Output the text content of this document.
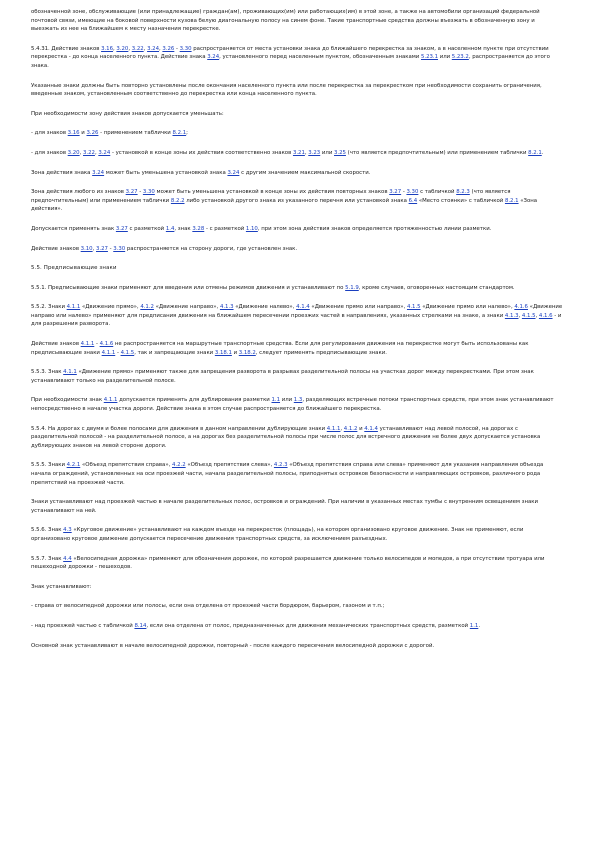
обозначенной зоне, обслуживающие (или принадлежащие) граждан(ам), проживающих(им) или работающих(им) в этой зоне, а также на автомобили организаций федеральной почтовой связи, имеющие на боковой поверхности кузова белую диагональную полосу на синем фоне. Такие транспортные средства должны въезжать в обозначенную зону и выезжать из нее на ближайшем к месту назначения перекрестке.

5.4.31. Действие знаков 3.16, 3.20, 3.22, 3.24, 3.26 - 3.30 распространяется от места установки знака до ближайшего перекрестка за знаком, а в населенном пункте при отсутствии перекрестка - до конца населенного пункта. Действие знака 3.24, установленного перед населенным пунктом, обозначенным знаками 5.23.1 или 5.23.2, распространяется до этого знака.

Указанные знаки должны быть повторно установлены после окончания населенного пункта или после перекрестка за перекрестком при необходимости сохранить ограничения, введенные знаком, установленным соответственно до перекрестка или конца населенного пункта.

При необходимости зону действия знаков допускается уменьшать:

- для знаков 3.16 и 3.26 - применением таблички 8.2.1;

- для знаков 3.20, 3.22, 3.24 - установкой в конце зоны их действия соответственно знаков 3.21, 3.23 или 3.25 (что является предпочтительным) или применением таблички 8.2.1.

Зона действия знака 3.24 может быть уменьшена установкой знака 3.24 с другим значением максимальной скорости.

Зона действия любого из знаков 3.27 - 3.30 может быть уменьшена установкой в конце зоны их действия повторных знаков 3.27 - 3.30 с табличкой 8.2.3 (что является предпочтительным) или применением таблички 8.2.2 либо установкой другого знака из указанного перечня или установкой знака 6.4 «Место стоянки» с табличкой 8.2.1 «Зона действия».

Допускается применять знак 3.27 с разметкой 1.4, знак 3.28 - с разметкой 1.10, при этом зона действия знаков определяется протяженностью линии разметки.

Действие знаков 3.10, 3.27 - 3.30 распространяется на сторону дороги, где установлен знак.

5.5. Предписывающие знаки

5.5.1. Предписывающие знаки применяют для введения или отмены режимов движения и устанавливают по 5.1.9, кроме случаев, оговоренных настоящим стандартом.

5.5.2. Знаки 4.1.1 «Движение прямо», 4.1.2 «Движение направо», 4.1.3 «Движение налево», 4.1.4 «Движение прямо или направо», 4.1.5 «Движение прямо или налево», 4.1.6 «Движение направо или налево» применяют для предписания движения на ближайшем пересечении проезжих частей в направлениях, указанных стрелками на знаке, а знаки 4.1.3, 4.1.5, 4.1.6 - и для разрешения разворота.

Действие знаков 4.1.1 - 4.1.6 не распространяется на маршрутные транспортные средства. Если для регулирования движения на перекрестке могут быть использованы как предписывающие знаки 4.1.1 - 4.1.5, так и запрещающие знаки 3.18.1 и 3.18.2, следует применять предписывающие знаки.

5.5.3. Знак 4.1.1 «Движение прямо» применяют также для запрещения разворота в разрывах разделительной полосы на участках дорог между перекрестками. При этом знак устанавливают только на разделительной полосе.

При необходимости знак 4.1.1 допускается применять для дублирования разметки 1.1 или 1.3, разделяющих встречные потоки транспортных средств, при этом знак устанавливают непосредственно в начале участка дороги. Действие знака в этом случае распространяется до ближайшего перекрестка.

5.5.4. На дорогах с двумя и более полосами для движения в данном направлении дублирующие знаки 4.1.1, 4.1.2 и 4.1.4 устанавливают над левой полосой, на дорогах с разделительной полосой - на разделительной полосе, а на дорогах без разделительной полосы при числе полос для встречного движения не более двух допускается установка дублирующих знаков на левой стороне дороги.

5.5.5. Знаки 4.2.1 «Объезд препятствия справа», 4.2.2 «Объезд препятствия слева», 4.2.3 «Объезд препятствия справа или слева» применяют для указания направления объезда начала ограждений, установленных на оси проезжей части, начала разделительной полосы, приподнятых островков безопасности и направляющих островков, различного рода препятствий на проезжей части.

Знаки устанавливают над проезжей частью в начале разделительных полос, островков и ограждений. При наличии в указанных местах тумбы с внутренним освещением знаки устанавливают на ней.

5.5.6. Знак 4.3 «Круговое движение» устанавливают на каждом въезде на перекресток (площадь), на котором организовано круговое движение. Знак не применяют, если организовано круговое движение допускается пересечение движения транспортных средств, за исключением разъездных.

5.5.7. Знак 4.4 «Велосипедная дорожка» применяют для обозначения дорожек, по которой разрешается движение только велосипедов и мопедов, а при отсутствии тротуара или пешеходной дорожки - пешеходов.

Знак устанавливают:

- справа от велосипедной дорожки или полосы, если она отделена от проезжей части бордюром, барьером, газоном и т.п.;

- над проезжей частью с табличкой 8.14, если она отделена от полос, предназначенных для движения механических транспортных средств, разметкой 1.1.

Основной знак устанавливают в начале велосипедной дорожки, повторный - после каждого пересечения велосипедной дорожки с дорогой.
